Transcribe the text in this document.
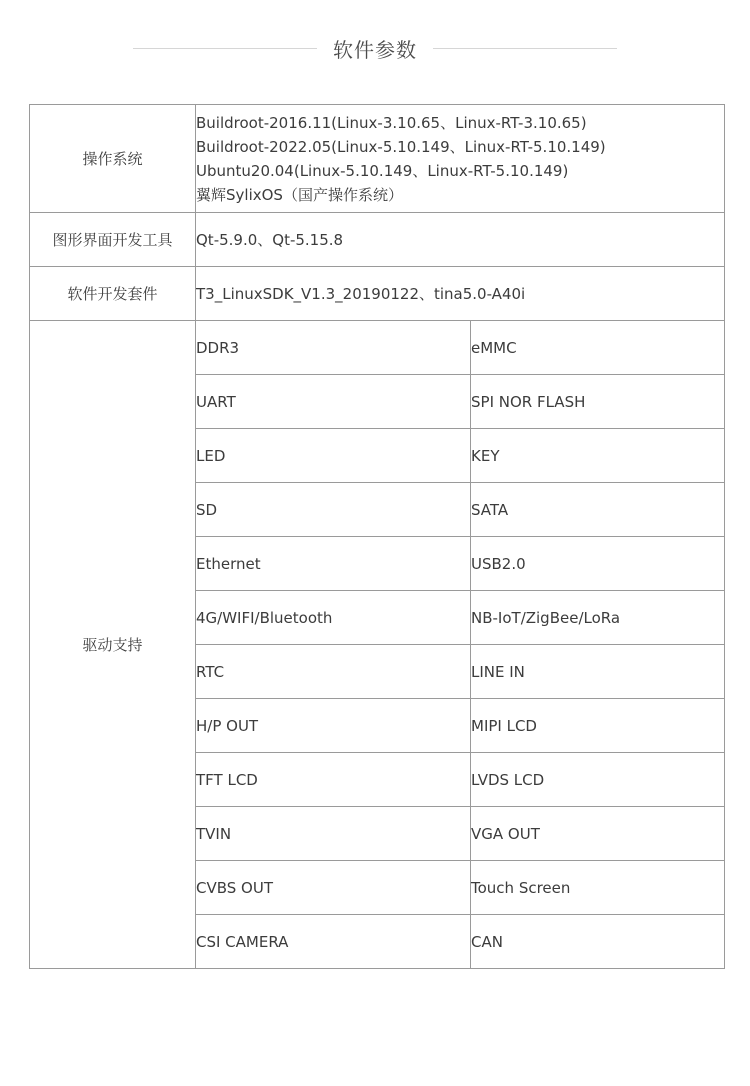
软件参数
操作系统	Buildroot-2016.11(Linux-3.10.65、Linux-RT-3.10.65)
Buildroot-2022.05(Linux-5.10.149、Linux-RT-5.10.149)
Ubuntu20.04(Linux-5.10.149、Linux-RT-5.10.149)
翼辉SylixOS（国产操作系统）	

图形界面开发工具	Qt-5.9.0、Qt-5.15.8	
软件开发套件	T3_LinuxSDK_V1.3_20190122、tina5.0-A40i	
驱动支持	DDR3	eMMC
	UART	SPI NOR FLASH
	LED	KEY
	SD	SATA
	Ethernet	USB2.0
	4G/WIFI/Bluetooth	NB-IoT/ZigBee/LoRa
	RTC	LINE IN
	H/P OUT	MIPI LCD
	TFT LCD	LVDS LCD
	TVIN	VGA OUT
	CVBS OUT	Touch Screen
	CSI CAMERA	CAN
